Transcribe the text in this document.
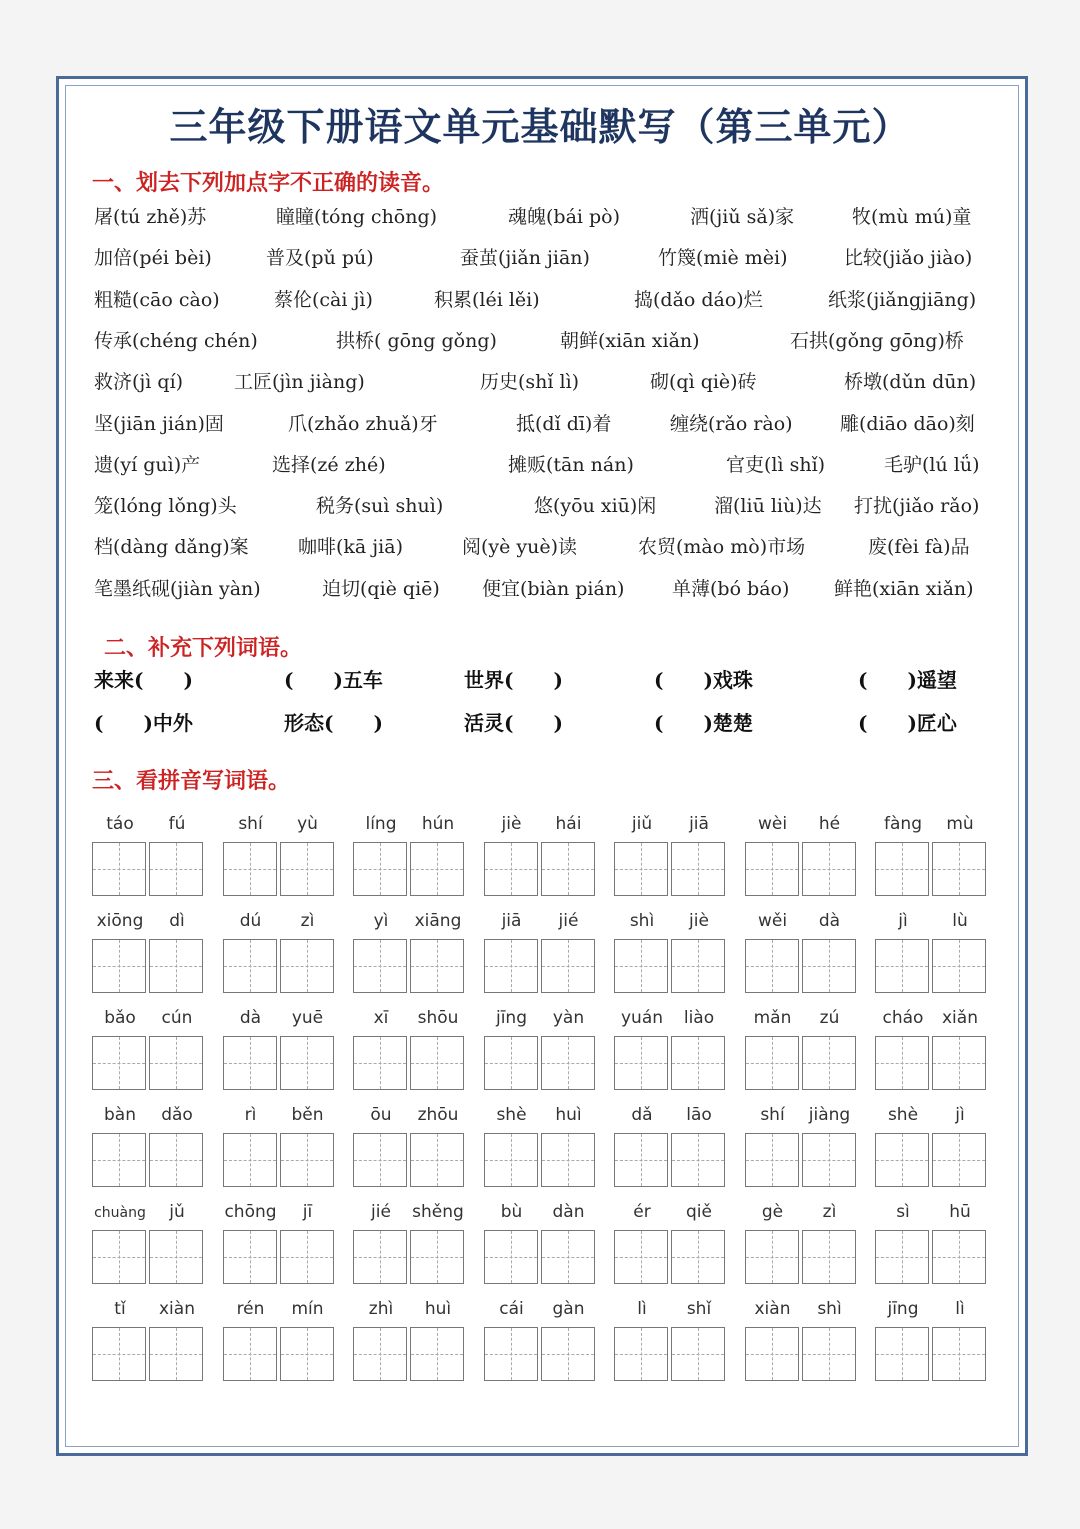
三年级下册语文单元基础默写（第三单元）
一、划去下列加点字不正确的读音。
屠(tú zhě)苏	瞳瞳(tóng chōng)	魂魄(bái pò)	洒(jiǔ sǎ)家	牧(mù mú)童
加倍(péi bèi)	普及(pǔ pú)	蚕茧(jiǎn jiān)	竹篾(miè mèi)	比较(jiǎo jiào)
粗糙(cāo cào)	蔡伦(cài jì)	积累(léi lěi)	捣(dǎo dáo)烂	纸浆(jiǎngjiāng)
传承(chéng chén)	拱桥( gōng gǒng)	朝鲜(xiān xiǎn)	石拱(gǒng gōng)桥
救济(jì qí)	工匠(jìn jiàng)	历史(shǐ lì)	砌(qì qiè)砖	桥墩(dǔn dūn)
坚(jiān jián)固	爪(zhǎo zhuǎ)牙	抵(dǐ dī)着	缠绕(rǎo rào) 雕(diāo dāo)刻
遗(yí guì)产	选择(zé zhé)	摊贩(tān nán)	官吏(lì shǐ)	毛驴(lú lǘ)
笼(lóng lǒng)头	税务(suì shuì)	悠(yōu xiū)闲	溜(liū liù)达 打扰(jiǎo rǎo)
档(dàng dǎng)案	咖啡(kā jiā)	阅(yè yuè)读	农贸(mào mò)市场	废(fèi fà)品
笔墨纸砚(jiàn yàn)	迫切(qiè qiē) 便宜(biàn pián)	单薄(bó báo) 鲜艳(xiān xiǎn)
二、补充下列词语。
来来(　　)	(　　)五车	世界(　　)	(　　)戏珠	(　　)遥望
(　　)中外	形态(　　)	活灵(　　)	(　　)楚楚	(　　)匠心
三、看拼音写词语。
táo	fú	shí	yù	líng	hún	jiè	hái	jiǔ	jiā	wèi	hé	fàng	mù
xiōng	dì	dú	zì	yì	xiāng	jiā	jié	shì	jiè	wěi	dà	jì	lù
bǎo	cún	dà	yuē	xī	shōu	jīng	yàn	yuán	liào	mǎn	zú	cháo	xiǎn
bàn	dǎo	rì	běn	ōu	zhōu	shè	huì	dǎ	lāo	shí	jiàng	shè	jì
chuàng	jǔ	chōng	jī	jié	shěng	bù	dàn	ér	qiě	gè	zì	sì	hū
tǐ	xiàn	rén	mín	zhì	huì	cái	gàn	lì	shǐ	xiàn	shì	jīng	lì
